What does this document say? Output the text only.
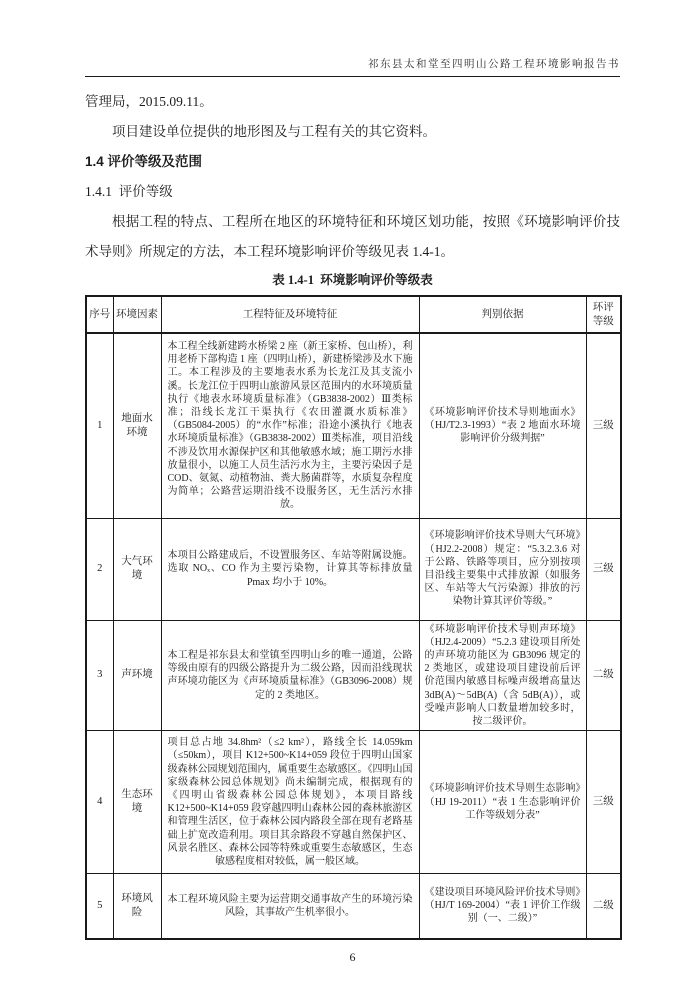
祁东县太和堂至四明山公路工程环境影响报告书

管理局，2015.09.11。

项目建设单位提供的地形图及与工程有关的其它资料。

1.4 评价等级及范围
1.4.1  评价等级

根据工程的特点、工程所在地区的环境特征和环境区划功能，按照《环境影响评价技术导则》所规定的方法，本工程环境影响评价等级见表 1.4-1。

表 1.4-1  环境影响评价等级表
序号	环境因素	工程特征及环境特征	判别依据	环评等级
1	地面水环境	本工程全线新建跨水桥梁 2 座（新王家桥、包山桥），利用老桥下部构造 1 座（四明山桥），新建桥梁涉及水下施工。本工程涉及的主要地表水系为长龙江及其支流小溪。长龙江位于四明山旅游风景区范围内的水环境质量执行《地表水环境质量标准》（GB3838-2002）Ⅲ类标准；沿线长龙江干渠执行《农田灌溉水质标准》（GB5084-2005）的“水作”标准；沿途小溪执行《地表水环境质量标准》（GB3838-2002）Ⅲ类标准，项目沿线不涉及饮用水源保护区和其他敏感水域；施工期污水排放量很小，以施工人员生活污水为主，主要污染因子是 COD、氨氮、动植物油、粪大肠菌群等，水质复杂程度为简单；公路营运期沿线不设服务区，无生活污水排放。	《环境影响评价技术导则地面水》（HJ/T2.3-1993）“表 2 地面水环境影响评价分级判据”	三级
2	大气环境	本项目公路建成后，不设置服务区、车站等附属设施。选取 NOₓ、CO 作为主要污染物，计算其等标排放量 Pmax 均小于 10%。	《环境影响评价技术导则大气环境》（HJ2.2-2008）规定：“5.3.2.3.6 对于公路、铁路等项目，应分别按项目沿线主要集中式排放源（如服务区、车站等大气污染源）排放的污染物计算其评价等级。”	三级
3	声环境	本工程是祁东县太和堂镇至四明山乡的唯一通道，公路等级由原有的四级公路提升为二级公路，因而沿线现状声环境功能区为《声环境质量标准》（GB3096-2008）规定的 2 类地区。	《环境影响评价技术导则声环境》（HJ2.4-2009）“5.2.3 建设项目所处的声环境功能区为 GB3096 规定的 2 类地区，或建设项目建设前后评价范围内敏感目标噪声级增高量达 3dB(A)～5dB(A)（含 5dB(A)），或受噪声影响人口数量增加较多时，按二级评价。	二级
4	生态环境	项目总占地 34.8hm²（≤2 km²），路线全长 14.059km（≤50km），项目 K12+500~K14+059 段位于四明山国家级森林公园规划范围内，属重要生态敏感区。《四明山国家级森林公园总体规划》尚未编制完成，根据现有的《四明山省级森林公园总体规划》，本项目路线 K12+500~K14+059 段穿越四明山森林公园的森林旅游区和管理生活区，位于森林公园内路段全部在现有老路基础上扩宽改造利用。项目其余路段不穿越自然保护区、风景名胜区、森林公园等特殊或重要生态敏感区，生态敏感程度相对较低，属一般区域。	《环境影响评价技术导则生态影响》（HJ 19-2011）“表 1 生态影响评价工作等级划分表”	三级
5	环境风险	本工程环境风险主要为运营期交通事故产生的环境污染风险，其事故产生机率很小。	《建设项目环境风险评价技术导则》（HJ/T 169-2004）“表 1 评价工作级别（一、二级）”	二级
6
